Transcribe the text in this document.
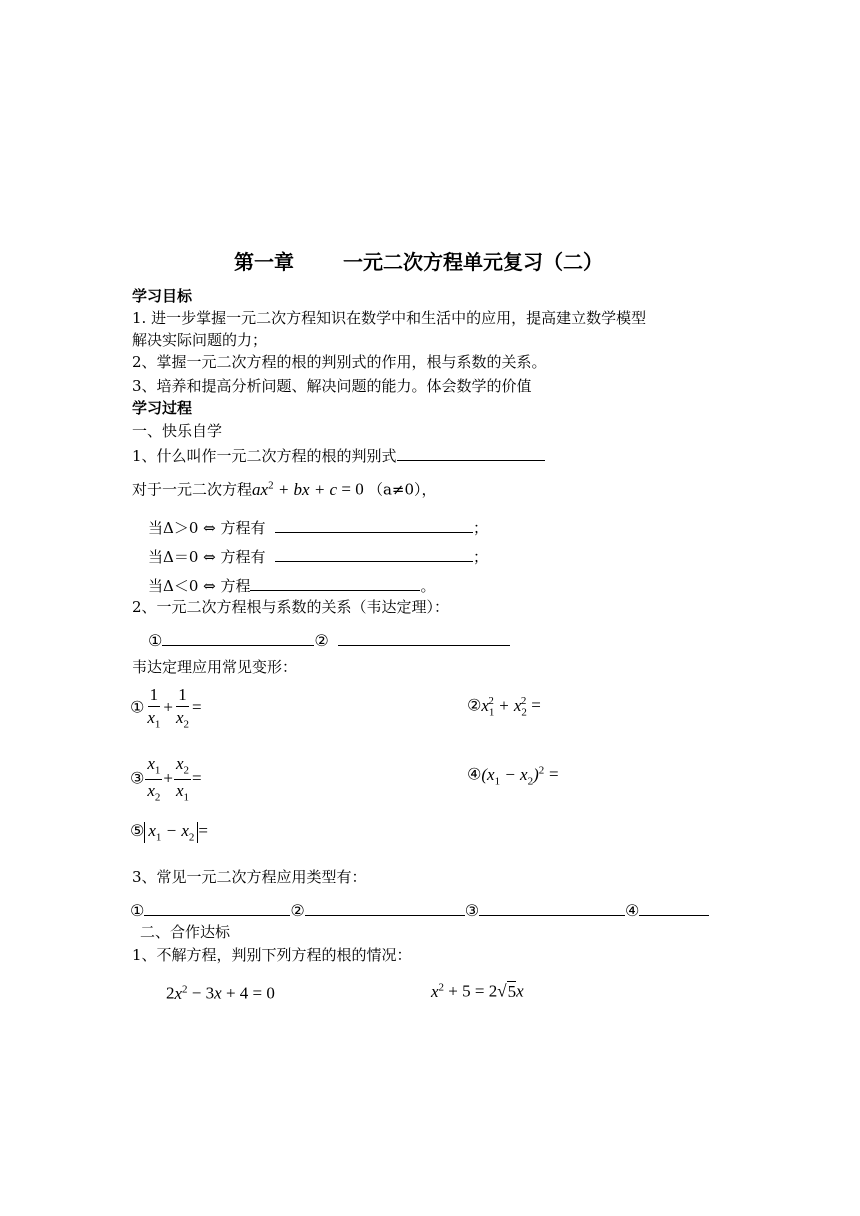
第一章 一元二次方程单元复习（二）
学习目标
1. 进一步掌握一元二次方程知识在数学中和生活中的应用，提高建立数学模型
解决实际问题的力；
2、掌握一元二次方程的根的判别式的作用，根与系数的关系。
3、培养和提高分析问题、解决问题的能力。体会数学的价值
学习过程
一、快乐自学
1、什么叫作一元二次方程的根的判别式
对于一元二次方程$ax^2$ + bx + c = 0 （a≠0），
当Δ＞0 ⇔ 方程有	；
当Δ＝0 ⇔ 方程有	；
当Δ＜0 ⇔ 方程	。
2、一元二次方程根与系数的关系（韦达定理）：
①	②
韦达定理应用常见变形：
① $\frac{1}{x_1} + \frac{1}{x_2}$ =	$②x_1^2 + x_2^2$ =
③ $\frac{x_1}{x_2} + \frac{x_2}{x_1}$ =	$④(x_1 - x_2)^2$ =
⑤ $x_1 - x_2$ =
3、常见一元二次方程应用类型有：
①	②	③	④
二、合作达标
1、不解方程，判别下列方程的根的情况：
$2x^2 - 3x + 4 = 0$	$x^2 + 5 = 2√5x$
